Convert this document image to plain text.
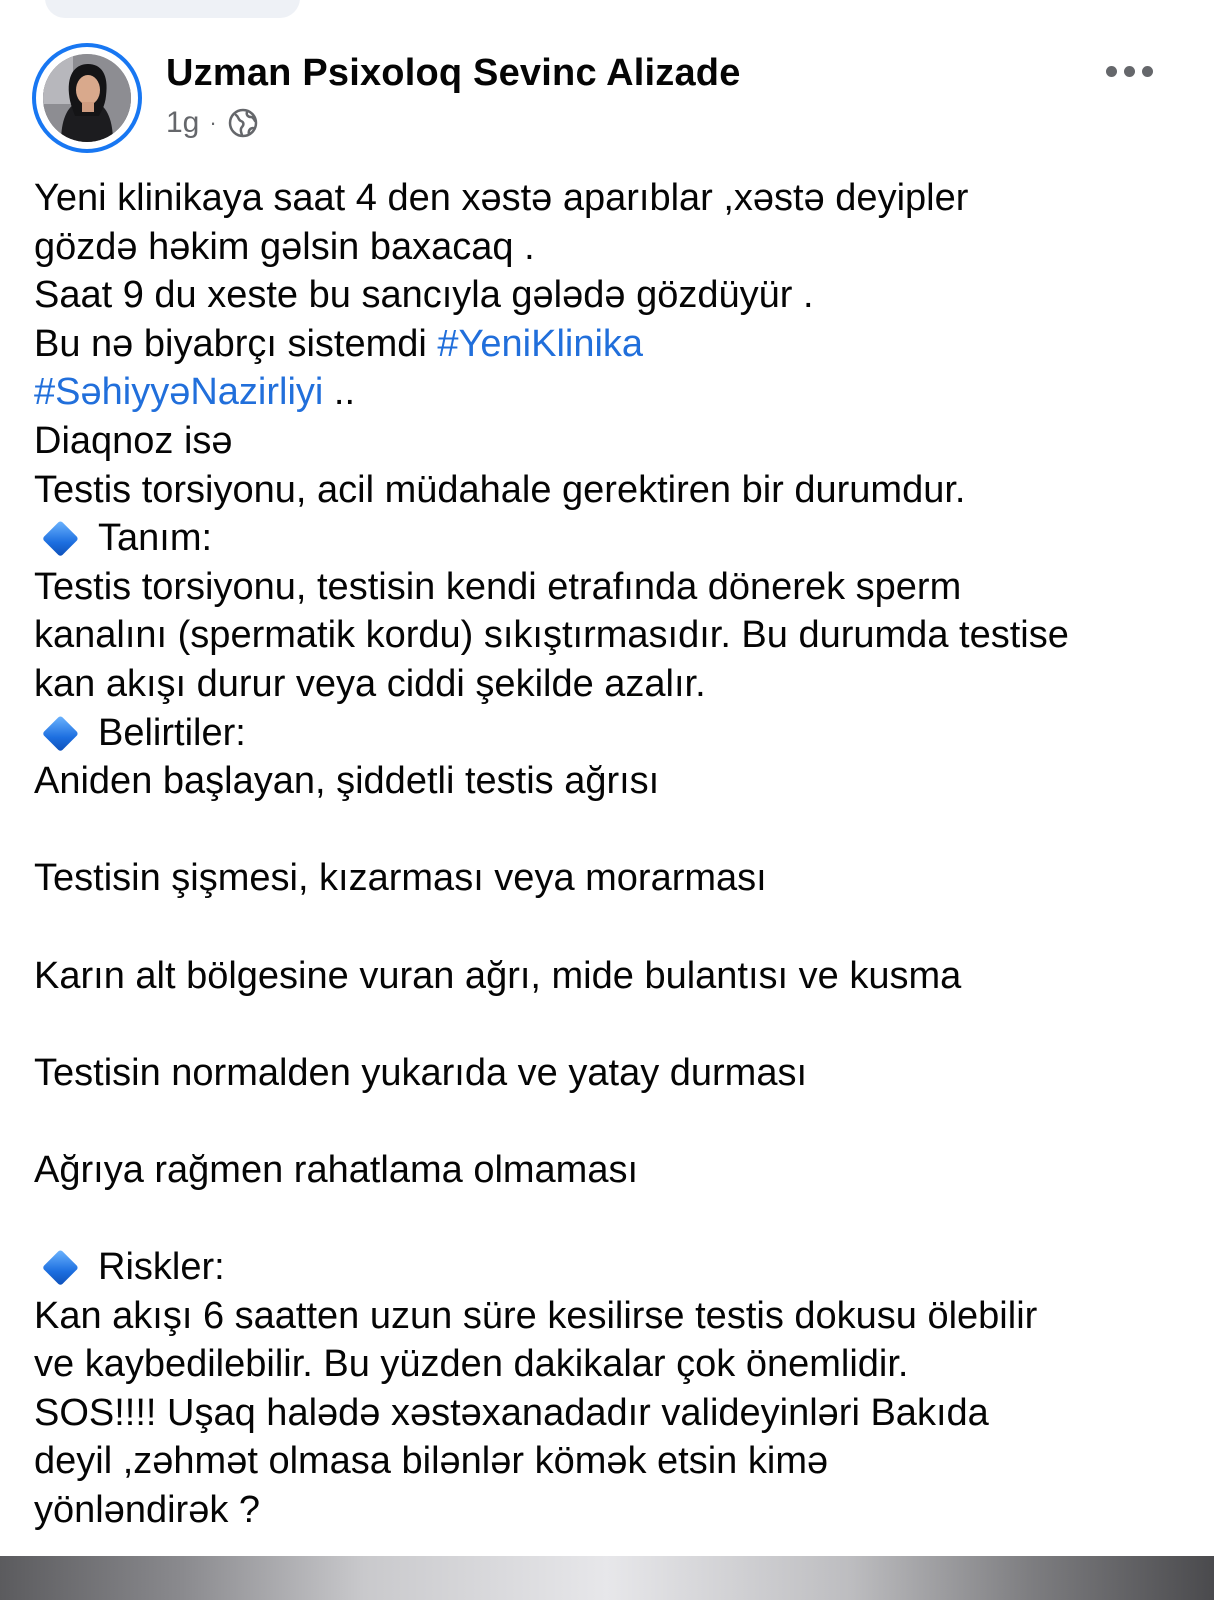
Uzman Psixoloq Sevinc Alizade
1g ·
Yeni klinikaya saat 4 den xəstə aparıblar ,xəstə deyipler
gözdə həkim gəlsin baxacaq .
Saat 9 du xeste bu sancıyla gələdə gözdüyür .
Bu nə biyabrçı sistemdi #YeniKlinika
#SəhiyyəNazirliyi ..
Diaqnoz isə
Testis torsiyonu, acil müdahale gerektiren bir durumdur.
Tanım:
Testis torsiyonu, testisin kendi etrafında dönerek sperm
kanalını (spermatik kordu) sıkıştırmasıdır. Bu durumda testise
kan akışı durur veya ciddi şekilde azalır.
Belirtiler:
Aniden başlayan, şiddetli testis ağrısı
Testisin şişmesi, kızarması veya morarması
Karın alt bölgesine vuran ağrı, mide bulantısı ve kusma
Testisin normalden yukarıda ve yatay durması
Ağrıya rağmen rahatlama olmaması
Riskler:
Kan akışı 6 saatten uzun süre kesilirse testis dokusu ölebilir
ve kaybedilebilir. Bu yüzden dakikalar çok önemlidir.
SOS!!!! Uşaq halədə xəstəxanadadır valideyinləri Bakıda
deyil ,zəhmət olmasa bilənlər kömək etsin kimə
yönləndirək ?
